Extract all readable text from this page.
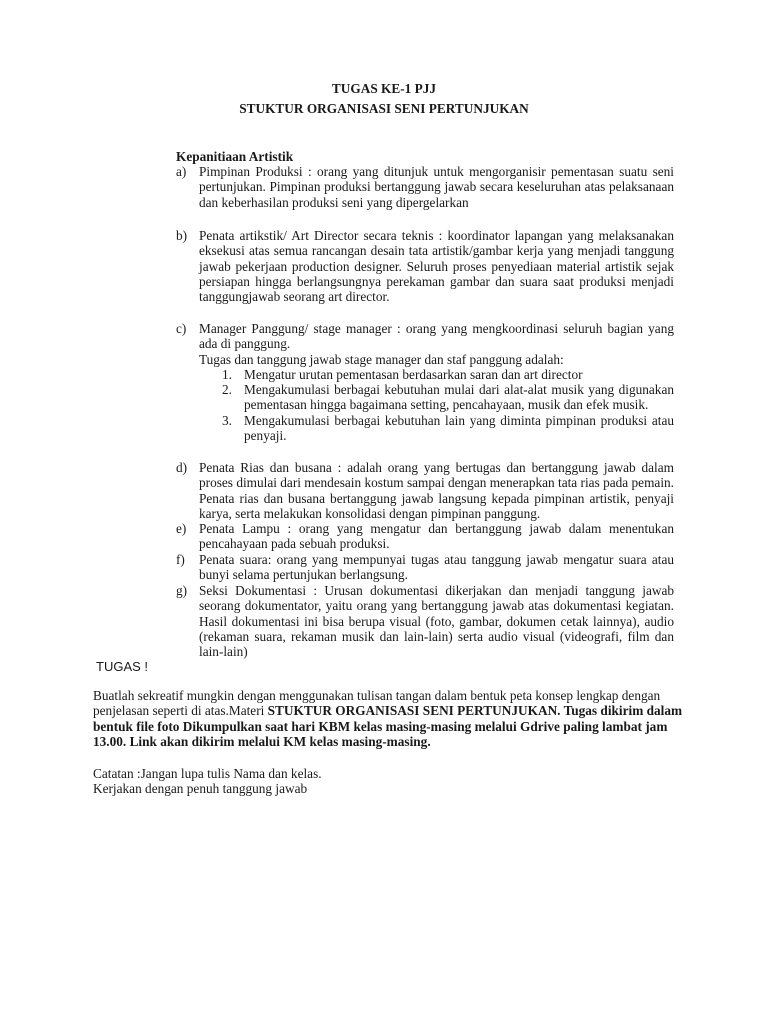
TUGAS KE-1 PJJ
STUKTUR ORGANISASI SENI PERTUNJUKAN
Kepanitiaan Artistik
a) Pimpinan Produksi : orang yang ditunjuk untuk mengorganisir pementasan suatu seni pertunjukan. Pimpinan produksi bertanggung jawab secara keseluruhan atas pelaksanaan dan keberhasilan produksi seni yang dipergelarkan

b) Penata artikstik/ Art Director secara teknis : koordinator lapangan yang melaksanakan eksekusi atas semua rancangan desain tata artistik/gambar kerja yang menjadi tanggung jawab pekerjaan production designer. Seluruh proses penyediaan material artistik sejak persiapan hingga berlangsungnya perekaman gambar dan suara saat produksi menjadi tanggungjawab seorang art director.

c) Manager Panggung/ stage manager : orang yang mengkoordinasi seluruh bagian yang ada di panggung.

Tugas dan tanggung jawab stage manager dan staf panggung adalah:

1. Mengatur urutan pementasan berdasarkan saran dan art director
2. Mengakumulasi berbagai kebutuhan mulai dari alat-alat musik yang digunakan pementasan hingga bagaimana setting, pencahayaan, musik dan efek musik.
3. Mengakumulasi berbagai kebutuhan lain yang diminta pimpinan produksi atau penyaji.
d) Penata Rias dan busana : adalah orang yang bertugas dan bertanggung jawab dalam proses dimulai dari mendesain kostum sampai dengan menerapkan tata rias pada pemain. Penata rias dan busana bertanggung jawab langsung kepada pimpinan artistik, penyaji karya, serta melakukan konsolidasi dengan pimpinan panggung.

e) Penata Lampu : orang yang mengatur dan bertanggung jawab dalam menentukan pencahayaan pada sebuah produksi.

f) Penata suara: orang yang mempunyai tugas atau tanggung jawab mengatur suara atau bunyi selama pertunjukan berlangsung.

g) Seksi Dokumentasi : Urusan dokumentasi dikerjakan dan menjadi tanggung jawab seorang dokumentator, yaitu orang yang bertanggung jawab atas dokumentasi kegiatan. Hasil dokumentasi ini bisa berupa visual (foto, gambar, dokumen cetak lainnya), audio (rekaman suara, rekaman musik dan lain-lain) serta audio visual (videografi, film dan lain-lain)

TUGAS !
Buatlah sekreatif mungkin dengan menggunakan tulisan tangan dalam bentuk peta konsep lengkap dengan penjelasan seperti di atas.Materi STUKTUR ORGANISASI SENI PERTUNJUKAN. Tugas dikirim dalam bentuk file foto Dikumpulkan saat hari KBM kelas masing-masing melalui Gdrive paling lambat jam 13.00. Link akan dikirim melalui KM kelas masing-masing.
Catatan :Jangan lupa tulis Nama dan kelas.
Kerjakan dengan penuh tanggung jawab
